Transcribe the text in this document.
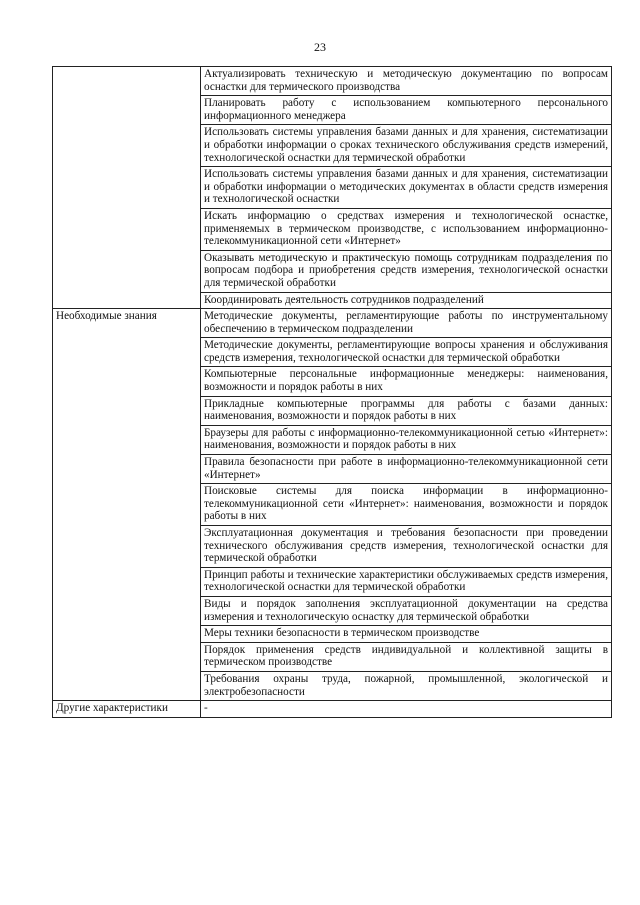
23
	Актуализировать техническую и методическую документацию по вопросам оснастки для термического производства
	Планировать работу с использованием компьютерного персонального информационного менеджера
	Использовать системы управления базами данных и для хранения, систематизации и обработки информации о сроках технического обслуживания средств измерений, технологической оснастки для термической обработки
	Использовать системы управления базами данных и для хранения, систематизации и обработки информации о методических документах в области средств измерения и технологической оснастки
	Искать информацию о средствах измерения и технологической оснастке, применяемых в термическом производстве, с использованием информационно-телекоммуникационной сети «Интернет»
	Оказывать методическую и практическую помощь сотрудникам подразделения по вопросам подбора и приобретения средств измерения, технологической оснастки для термической обработки
	Координировать деятельность сотрудников подразделений
Необходимые знания	Методические документы, регламентирующие работы по инструментальному обеспечению в термическом подразделении
	Методические документы, регламентирующие вопросы хранения и обслуживания средств измерения, технологической оснастки для термической обработки
	Компьютерные персональные информационные менеджеры: наименования, возможности и порядок работы в них
	Прикладные компьютерные программы для работы с базами данных: наименования, возможности и порядок работы в них
	Браузеры для работы с информационно-телекоммуникационной сетью «Интернет»: наименования, возможности и порядок работы в них
	Правила безопасности при работе в информационно-телекоммуникационной сети «Интернет»
	Поисковые системы для поиска информации в информационно-телекоммуникационной сети «Интернет»: наименования, возможности и порядок работы в них
	Эксплуатационная документация и требования безопасности при проведении технического обслуживания средств измерения, технологической оснастки для термической обработки
	Принцип работы и технические характеристики обслуживаемых средств измерения, технологической оснастки для термической обработки
	Виды и порядок заполнения эксплуатационной документации на средства измерения и технологическую оснастку для термической обработки
	Меры техники безопасности в термическом производстве
	Порядок применения средств индивидуальной и коллективной защиты в термическом производстве
	Требования охраны труда, пожарной, промышленной, экологической и электробезопасности
Другие характеристики	-
